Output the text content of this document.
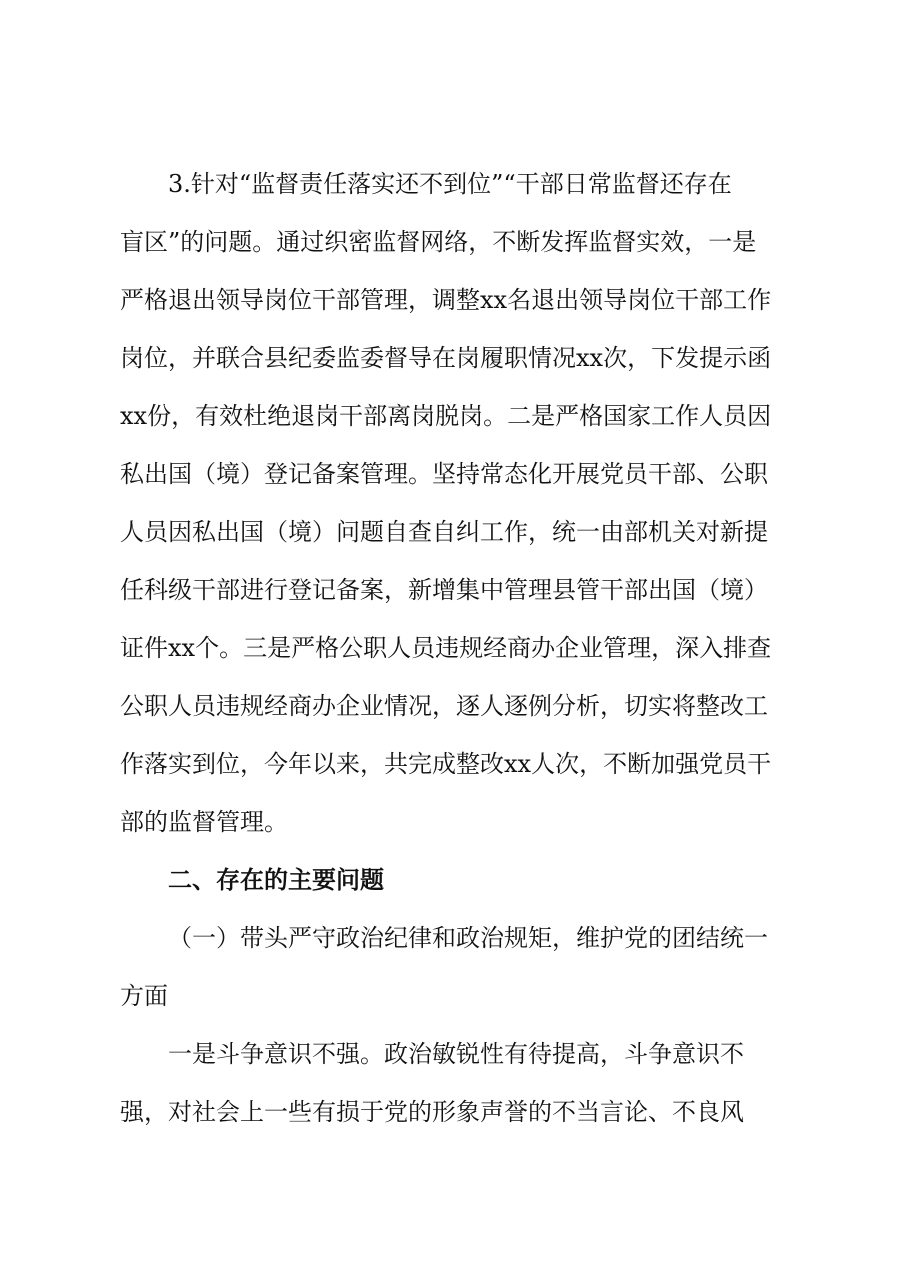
3.针对“监督责任落实还不到位”“干部日常监督还存在
盲区”的问题。通过织密监督网络，不断发挥监督实效，一是
严格退出领导岗位干部管理，调整xx名退出领导岗位干部工作
岗位，并联合县纪委监委督导在岗履职情况xx次，下发提示函
xx份，有效杜绝退岗干部离岗脱岗。二是严格国家工作人员因
私出国（境）登记备案管理。坚持常态化开展党员干部、公职
人员因私出国（境）问题自查自纠工作，统一由部机关对新提
任科级干部进行登记备案，新增集中管理县管干部出国（境）
证件xx个。三是严格公职人员违规经商办企业管理，深入排查
公职人员违规经商办企业情况，逐人逐例分析，切实将整改工
作落实到位，今年以来，共完成整改xx人次，不断加强党员干
部的监督管理。
二、存在的主要问题
（一）带头严守政治纪律和政治规矩，维护党的团结统一
方面
一是斗争意识不强。政治敏锐性有待提高，斗争意识不
强，对社会上一些有损于党的形象声誉的不当言论、不良风
